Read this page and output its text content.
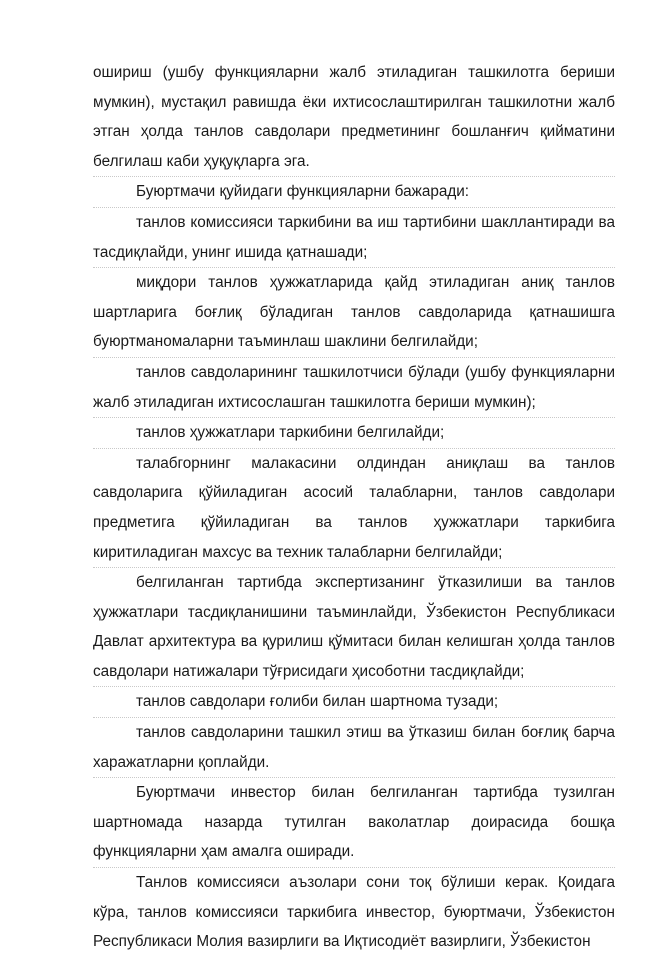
ошириш (ушбу функцияларни жалб этиладиган ташкилотга бериши мумкин), мустақил равишда ёки ихтисослаштирилган ташкилотни жалб этган ҳолда танлов савдолари предметининг бошланғич қийматини белгилаш каби ҳуқуқларга эга.

Буюртмачи қуйидаги функцияларни бажаради:

танлов комиссияси таркибини ва иш тартибини шакллантиради ва тасдиқлайди, унинг ишида қатнашади;

миқдори танлов ҳужжатларида қайд этиладиган аниқ танлов шартларига боғлиқ бўладиган танлов савдоларида қатнашишга буюртманомаларни таъминлаш шаклини белгилайди;

танлов савдоларининг ташкилотчиси бўлади (ушбу функцияларни жалб этиладиган ихтисослашган ташкилотга бериши мумкин);

танлов ҳужжатлари таркибини белгилайди;

талабгорнинг малакасини олдиндан аниқлаш ва танлов савдоларига қўйиладиган асосий талабларни, танлов савдолари предметига қўйиладиган ва танлов ҳужжатлари таркибига киритиладиган махсус ва техник талабларни белгилайди;

белгиланган тартибда экспертизанинг ўтказилиши ва танлов ҳужжатлари тасдиқланишини таъминлайди, Ўзбекистон Республикаси Давлат архитектура ва қурилиш қўмитаси билан келишган ҳолда танлов савдолари натижалари тўғрисидаги ҳисоботни тасдиқлайди;

танлов савдолари ғолиби билан шартнома тузади;

танлов савдоларини ташкил этиш ва ўтказиш билан боғлиқ барча харажатларни қоплайди.

Буюртмачи инвестор билан белгиланган тартибда тузилган шартномада назарда тутилган ваколатлар доирасида бошқа функцияларни ҳам амалга оширади.

Танлов комиссияси аъзолари сони тоқ бўлиши керак. Қоидага кўра, танлов комиссияси таркибига инвестор, буюртмачи, Ўзбекистон Республикаси Молия вазирлиги ва Иқтисодиёт вазирлиги, Ўзбекистон
